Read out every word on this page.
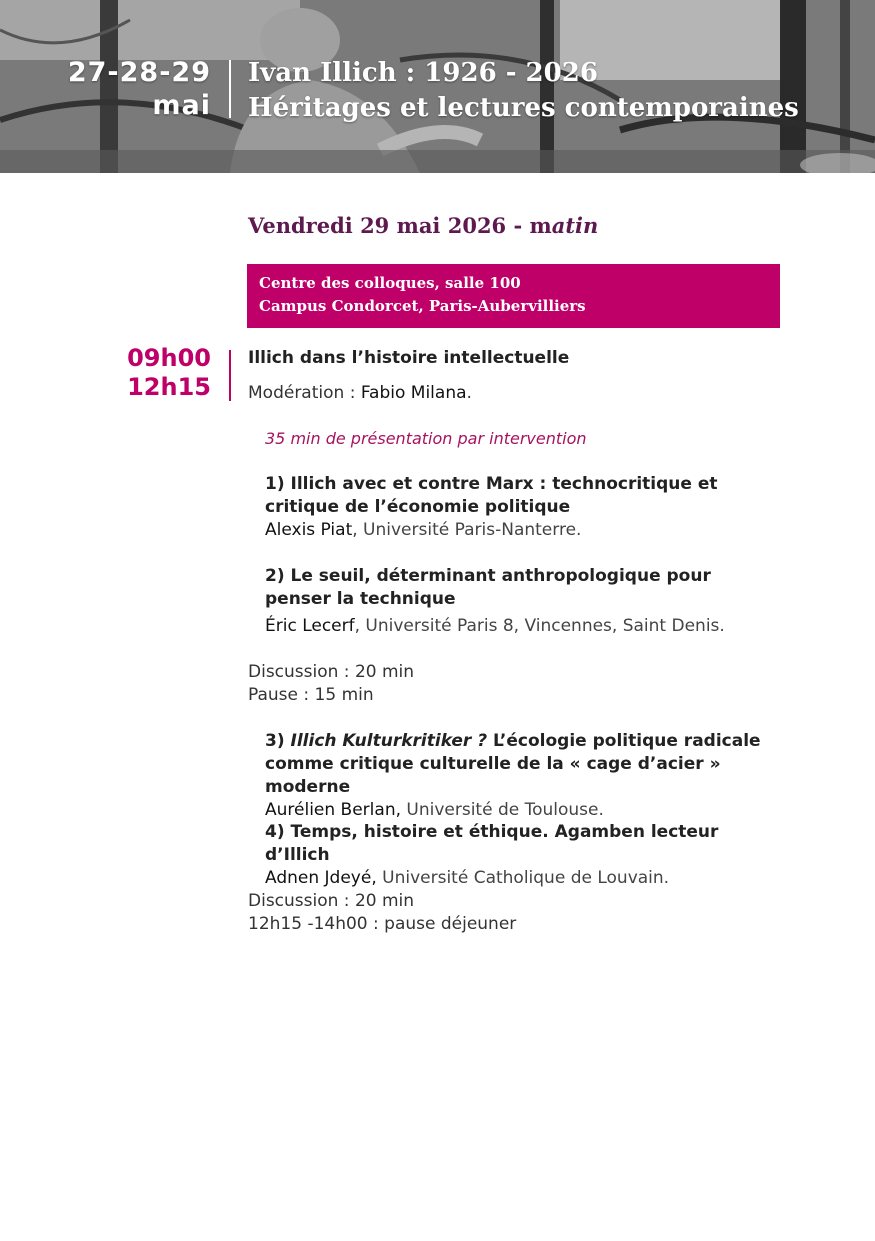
27-28-29
mai
Ivan Illich : 1926 - 2026
Héritages et lectures contemporaines
Vendredi 29 mai 2026 - matin
Centre des colloques, salle 100
Campus Condorcet, Paris-Aubervilliers
09h00
12h15
Illich dans l’histoire intellectuelle
Modération : Fabio Milana.
35 min de présentation par intervention
1) Illich avec et contre Marx : technocritique et critique de l’économie politique
Alexis Piat, Université Paris-Nanterre.
2) Le seuil, déterminant anthropologique pour penser la technique
Éric Lecerf, Université Paris 8, Vincennes, Saint Denis.
Discussion : 20 min
Pause : 15 min
3) Illich Kulturkritiker ? L’écologie politique radicale comme critique culturelle de la « cage d’acier » moderne
Aurélien Berlan, Université de Toulouse.
4) Temps, histoire et éthique. Agamben lecteur d’Illich
Adnen Jdeyé, Université Catholique de Louvain.
Discussion : 20 min
12h15 -14h00 : pause déjeuner
